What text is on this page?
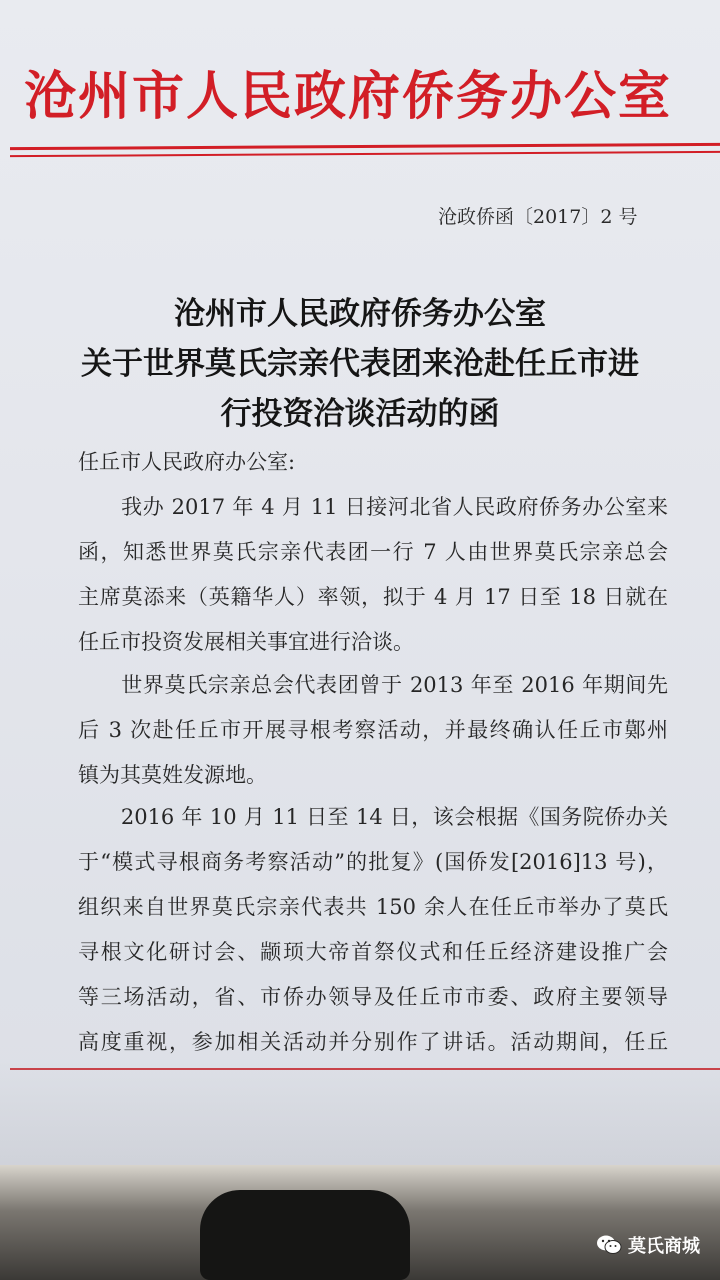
沧州市人民政府侨务办公室
沧政侨函〔2017〕2 号
沧州市人民政府侨务办公室
关于世界莫氏宗亲代表团来沧赴任丘市进
行投资洽谈活动的函
任丘市人民政府办公室:
　　我办 2017 年 4 月 11 日接河北省人民政府侨务办公室来
函，知悉世界莫氏宗亲代表团一行 7 人由世界莫氏宗亲总会
主席莫添来（英籍华人）率领，拟于 4 月 17 日至 18 日就在
任丘市投资发展相关事宜进行洽谈。
　　世界莫氏宗亲总会代表团曾于 2013 年至 2016 年期间先
后 3 次赴任丘市开展寻根考察活动，并最终确认任丘市鄚州
镇为其莫姓发源地。
　　2016 年 10 月 11 日至 14 日，该会根据《国务院侨办关
于“模式寻根商务考察活动”的批复》(国侨发[2016]13 号)，
组织来自世界莫氏宗亲代表共 150 余人在任丘市举办了莫氏
寻根文化研讨会、颛顼大帝首祭仪式和任丘经济建设推广会
等三场活动，省、市侨办领导及任丘市市委、政府主要领导
高度重视，参加相关活动并分别作了讲话。活动期间，任丘
莫氏商城
